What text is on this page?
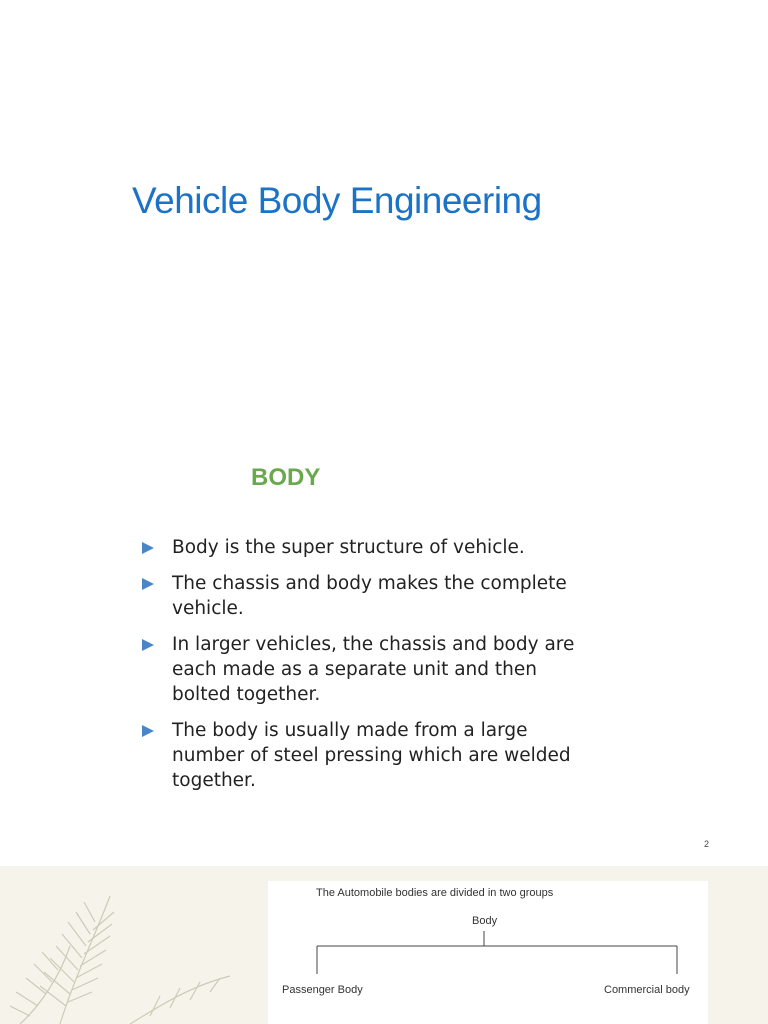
Vehicle Body Engineering
BODY
Body is the super structure of vehicle.
The chassis and body makes the complete vehicle.
In larger vehicles, the chassis and body are each made as a separate unit and then bolted together.
The body is usually made from a large number of steel pressing which are welded together.
2
The Automobile bodies are divided in two groups
Body
Passenger Body	Commercial body
